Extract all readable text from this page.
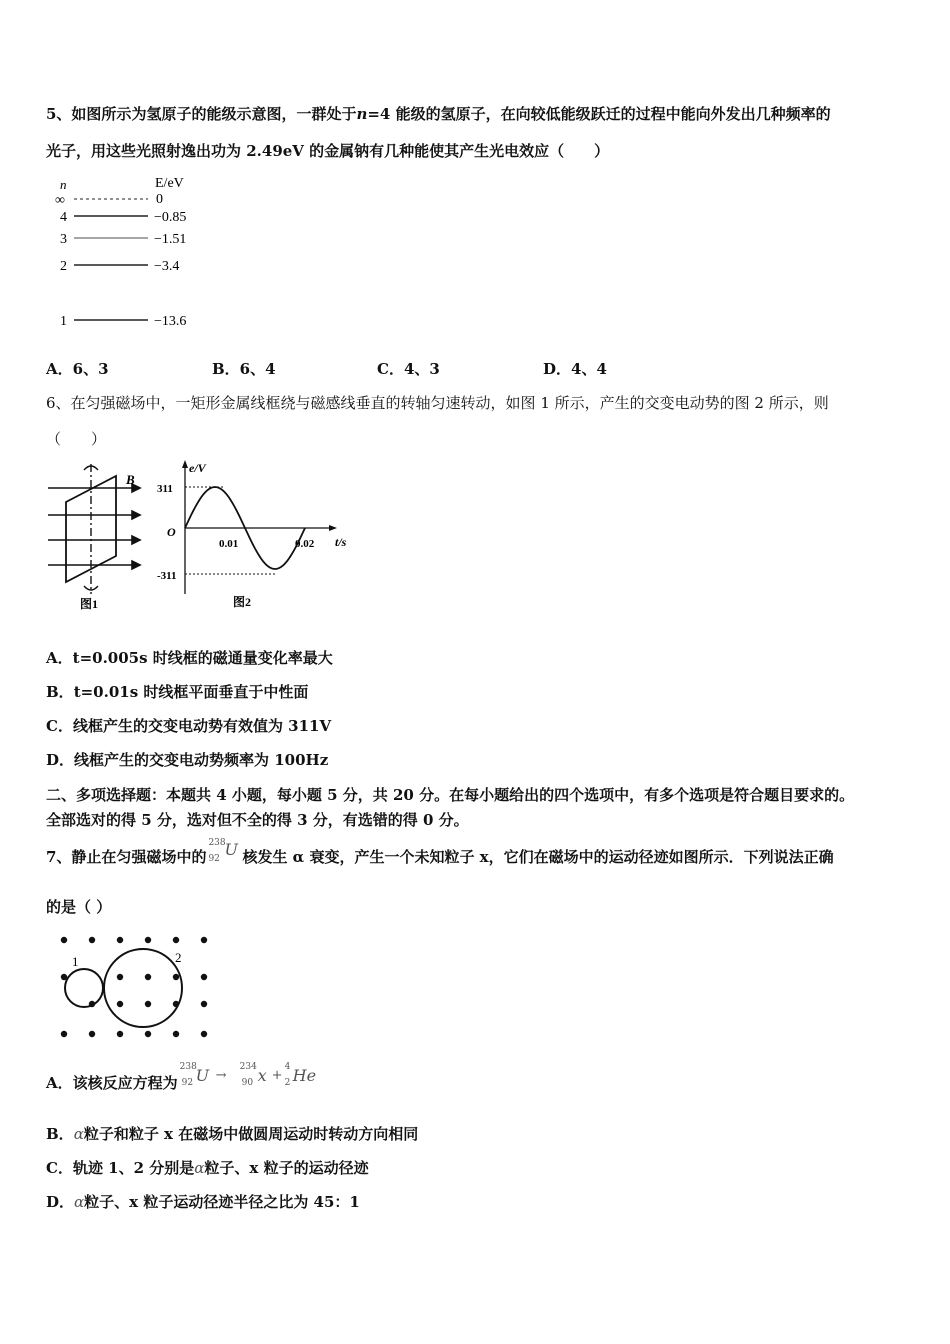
5、如图所示为氢原子的能级示意图，一群处于n=4 能级的氢原子，在向较低能级跃迁的过程中能向外发出几种频率的
光子，用这些光照射逸出功为 2.49eV 的金属钠有几种能使其产生光电效应（　　）
n	E/eV
∞	0
4	−0.85
3	−1.51
2	−3.4
1	−13.6
A．6、3	B．6、4	C．4、3	D．4、4
6、在匀强磁场中，一矩形金属线框绕与磁感线垂直的转轴匀速转动，如图 1 所示，产生的交变电动势的图 2 所示，则
（　　）
B
图1
e/V
t/s
O
311
-311
0.01	0.02
图2
A．t=0.005s 时线框的磁通量变化率最大
B．t=0.01s 时线框平面垂直于中性面
C．线框产生的交变电动势有效值为 311V
D．线框产生的交变电动势频率为 100Hz
二、多项选择题：本题共 4 小题，每小题 5 分，共 20 分。在每小题给出的四个选项中，有多个选项是符合题目要求的。
全部选对的得 5 分，选对但不全的得 3 分，有选错的得 0 分。
7、静止在匀强磁场中的
238
92 U 核发生 α 衰变，产生一个未知粒子 x，它们在磁场中的运动径迹如图所示．下列说法正确
的是（ ）
1	2
A．该核反应方程为
238
92 U →
234
90 x +
4
2 He
B．α粒子和粒子 x 在磁场中做圆周运动时转动方向相同
C．轨迹 1、2 分别是α粒子、x 粒子的运动径迹
D．α粒子、x 粒子运动径迹半径之比为 45：1
